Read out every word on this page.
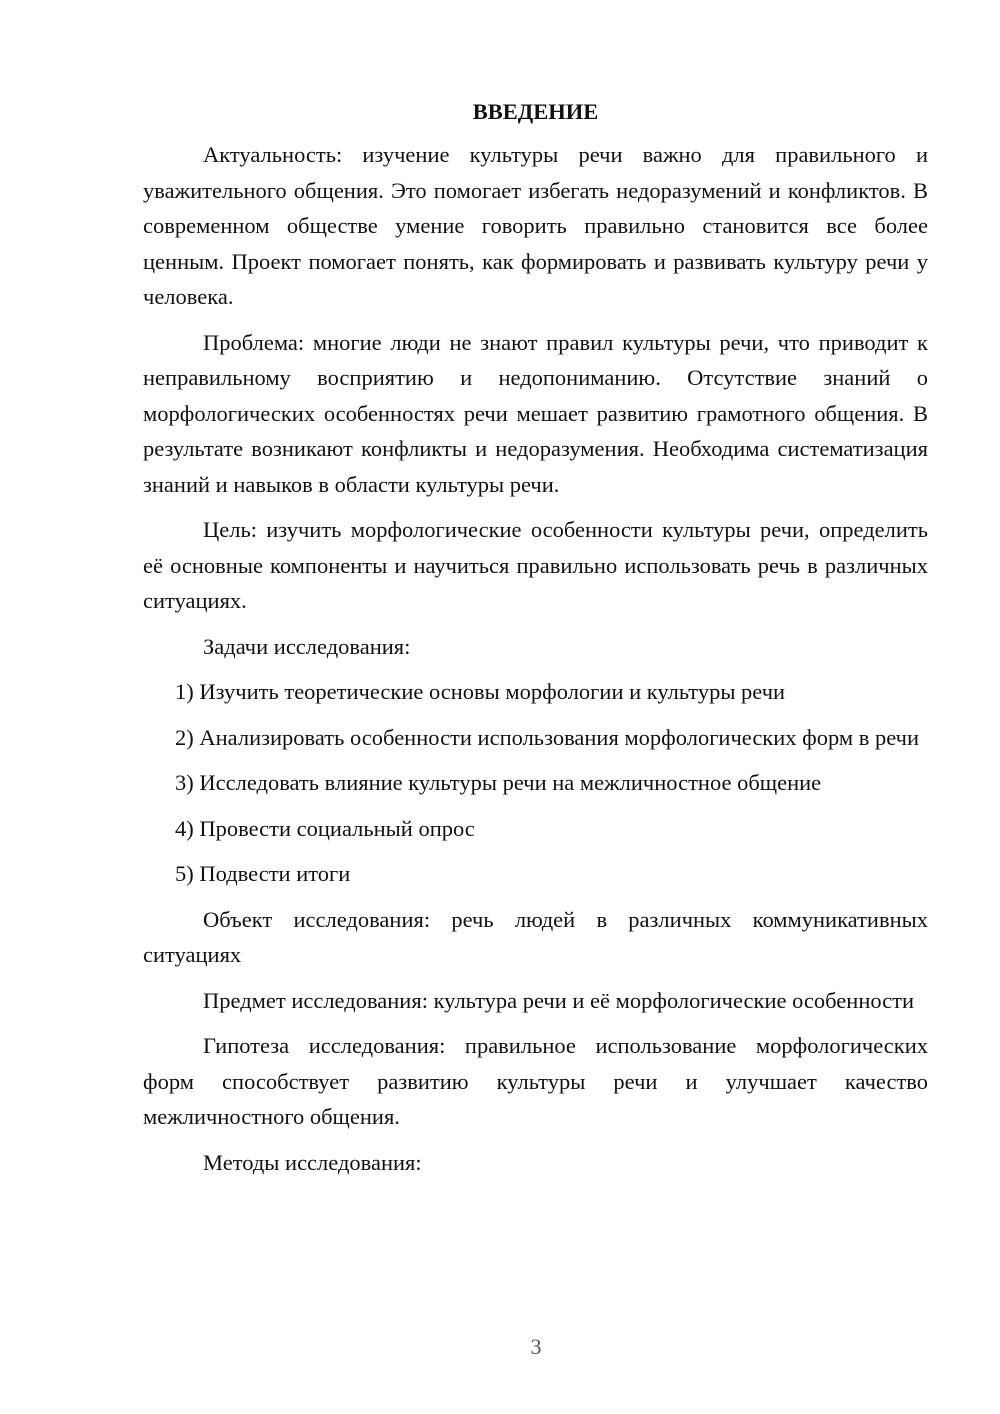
ВВЕДЕНИЕ

Актуальность: изучение культуры речи важно для правильного и уважительного общения. Это помогает избегать недоразумений и конфликтов. В современном обществе умение говорить правильно становится все более ценным. Проект помогает понять, как формировать и развивать культуру речи у человека.

Проблема: многие люди не знают правил культуры речи, что приводит к неправильному восприятию и недопониманию. Отсутствие знаний о морфологических особенностях речи мешает развитию грамотного общения. В результате возникают конфликты и недоразумения. Необходима систематизация знаний и навыков в области культуры речи.

Цель: изучить морфологические особенности культуры речи, определить её основные компоненты и научиться правильно использовать речь в различных ситуациях.

Задачи исследования:

1) Изучить теоретические основы морфологии и культуры речи

2) Анализировать особенности использования морфологических форм в речи

3) Исследовать влияние культуры речи на межличностное общение

4) Провести социальный опрос

5) Подвести итоги

Объект исследования: речь людей в различных коммуникативных ситуациях

Предмет исследования: культура речи и её морфологические особенности

Гипотеза исследования: правильное использование морфологических форм способствует развитию культуры речи и улучшает качество межличностного общения.

Методы исследования:

3
